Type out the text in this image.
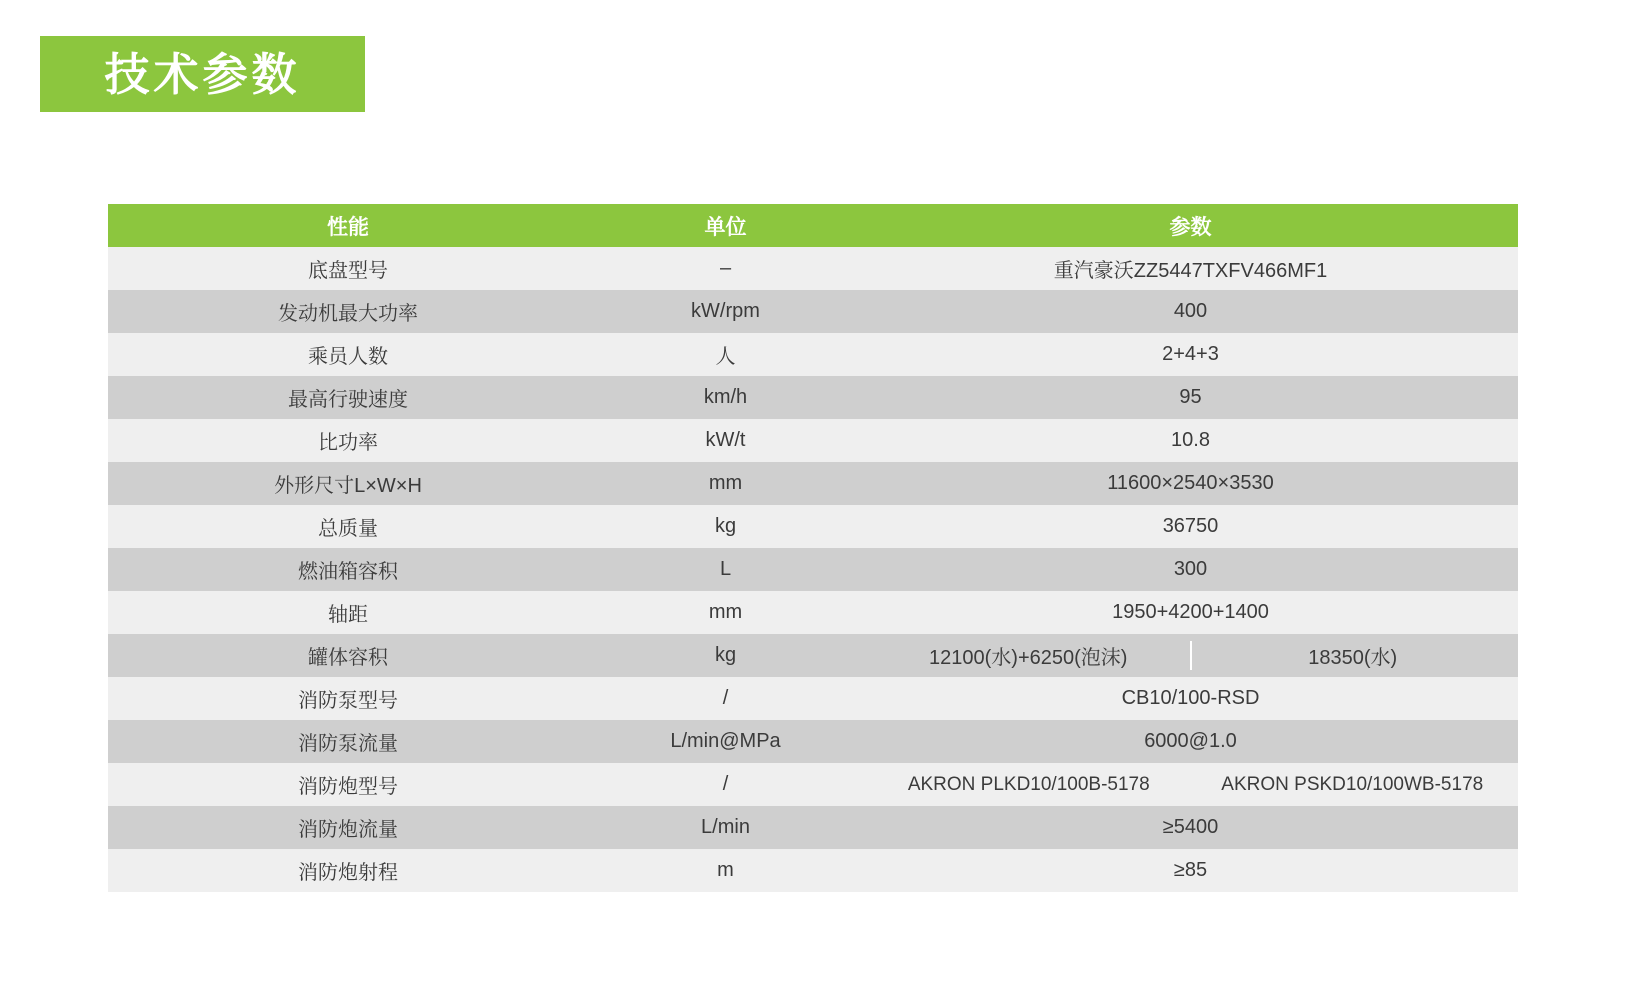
技术参数
性能	单位	参数
底盘型号	–	重汽豪沃ZZ5447TXFV466MF1
发动机最大功率	kW/rpm	400
乘员人数	人	2+4+3
最高行驶速度	km/h	95
比功率	kW/t	10.8
外形尺寸L×W×H	mm	11600×2540×3530
总质量	kg	36750
燃油箱容积	L	300
轴距	mm	1950+4200+1400
罐体容积	kg	12100(水)+6250(泡沫) 18350(水)

消防泵型号	/	CB10/100-RSD
消防泵流量	L/min@MPa	6000@1.0
消防炮型号	/	AKRON PLKD10/100B-5178 AKRON PSKD10/100WB-5178

消防炮流量	L/min	≥5400
消防炮射程	m	≥85
